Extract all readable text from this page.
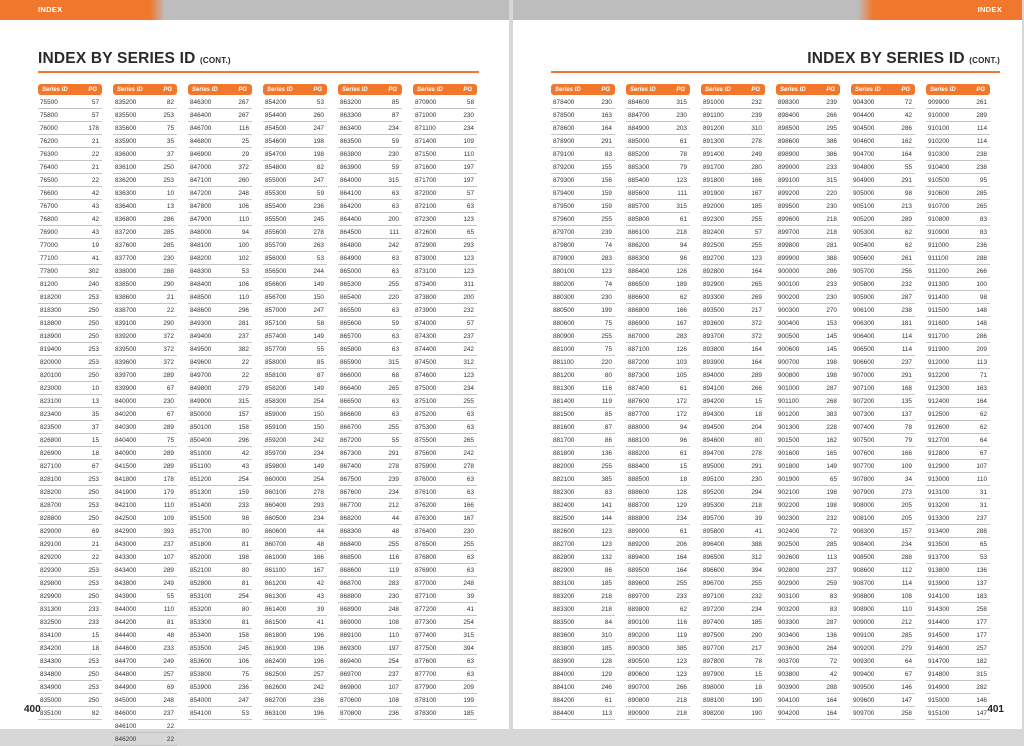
INDEX
INDEX BY SERIES ID (CONT.)
Series ID	PG
75500	57
75800	57
76000	178
76200	21
76300	22
76400	21
76500	22
76600	42
76700	43
76800	42
76900	43
77000	19
77100	41
77800	302
81200	240
818200	253
818300	250
818800	250
818900	250
819400	253
820000	253
820100	250
823000	10
823100	13
823400	35
823500	37
826800	15
826900	18
827100	67
828100	253
828200	250
828700	253
828800	250
829000	69
829100	21
829200	22
829300	253
829800	253
829900	250
831300	233
832500	233
834100	15
834200	18
834300	253
834800	250
834900	253
835000	250
835100	82
Series ID	PG
835200	82
835500	253
835600	75
835900	35
836000	37
836100	250
836200	253
836300	10
836400	13
836800	286
837200	285
837600	285
837700	230
838000	288
838500	290
838600	21
838700	22
839100	290
839200	372
839500	372
839600	372
839700	289
839900	67
840000	230
840200	67
840300	289
840400	75
840900	289
841500	289
841800	178
841900	179
842100	110
842500	109
842900	393
843000	237
843300	107
843400	289
843800	249
843900	55
844000	110
844200	81
844400	48
844600	233
844700	249
844800	257
844900	69
845000	248
846000	237
846100	22
846200	22
Series ID	PG
846300	267
846400	267
846700	116
846800	25
846900	29
847000	372
847100	260
847200	248
847800	106
847900	110
848000	94
848100	100
848200	102
848300	53
848400	106
848500	110
848600	296
849300	281
849400	237
849500	382
849600	22
849700	22
849800	279
849900	315
850000	157
850100	158
850400	296
851000	42
851100	43
851200	254
851300	159
851400	233
851500	98
851700	80
851800	81
852000	198
852100	80
852800	81
853100	254
853200	80
853300	81
853400	158
853500	245
853600	106
853800	75
853900	236
854000	247
854100	53
Series ID	PG
854200	53
854400	260
854500	247
854600	198
854700	198
854800	82
855000	247
855300	59
855400	236
855500	245
855600	278
855700	263
856000	53
856500	244
856600	149
856700	150
857000	247
857100	58
857400	149
857700	55
858000	85
858100	87
858200	149
858300	254
859000	150
859100	150
859200	242
859700	234
859800	149
860000	254
860100	278
860400	293
860500	234
860600	44
860700	48
861000	166
861100	167
861200	42
861300	43
861400	39
861500	41
861800	196
861900	196
862400	196
862500	257
862600	242
862700	236
863100	196
Series ID	PG
863200	85
863300	87
863400	234
863500	59
863800	230
863900	59
864000	315
864100	63
864200	63
864400	200
864500	111
864800	242
864900	63
865000	63
865300	255
865400	220
865500	63
865600	59
865700	63
865800	63
865900	315
866000	68
866400	265
866500	63
866600	63
866700	255
867200	55
867300	291
867400	278
867500	239
867600	234
867700	212
868200	44
868300	48
868400	255
868500	116
868600	119
868700	283
868800	230
868900	248
869000	108
869100	110
869300	197
869400	254
869700	237
869800	107
870600	108
870800	236
Series ID	PG
870900	58
871000	230
871100	234
871400	109
871500	110
871600	197
871700	197
872000	57
872100	63
872300	123
872600	65
872900	293
873000	123
873100	123
873400	311
873800	200
873900	232
874000	57
874300	237
874400	242
874500	312
874600	123
875000	234
875100	255
875200	63
875300	63
875500	265
875600	242
875900	278
876000	63
876100	63
876200	166
876300	167
876400	230
876500	255
876800	63
876900	63
877000	248
877100	39
877200	41
877300	254
877400	315
877500	394
877600	63
877700	63
877900	209
878100	199
878300	185
400
INDEX
INDEX BY SERIES ID (CONT.)
Series ID	PG
878400	230
878500	163
878600	164
878900	291
879100	83
879200	155
879300	156
879400	159
879500	159
879600	255
879700	239
879800	74
879900	283
880100	123
880200	74
880300	230
880500	199
880600	75
880900	255
881000	75
881100	220
881200	80
881300	116
881400	119
881500	85
881600	87
881700	86
881800	136
882000	255
882100	385
882300	83
882400	141
882500	144
882600	123
882700	123
882800	132
882900	86
883100	185
883200	218
883300	218
883500	84
883600	310
883800	185
883900	128
884000	129
884100	246
884200	61
884400	113
Series ID	PG
884600	315
884700	230
884900	203
885000	61
885200	78
885300	79
885400	123
885600	111
885700	315
885800	61
886100	218
886200	94
886300	96
886400	126
886500	189
886600	62
886800	166
886900	167
887000	283
887100	126
887200	103
887300	105
887400	61
887600	172
887700	172
888000	94
888100	96
888200	61
888400	15
888500	18
888600	128
888700	129
888800	234
889000	61
889200	206
889400	164
889500	164
889600	255
889700	233
889800	62
890100	116
890200	119
890300	385
890500	123
890600	123
890700	266
890800	218
890900	218
Series ID	PG
891000	232
891100	239
891200	310
891300	278
891400	249
891700	280
891800	166
891900	167
892000	185
892300	255
892400	57
892500	255
892700	123
892800	164
892900	265
893300	269
893500	217
893600	372
893700	372
893800	164
893900	164
894000	289
894100	266
894200	15
894300	18
894500	204
894600	80
894700	278
895000	291
895100	230
895200	294
895300	218
895700	39
895800	41
896400	388
896500	312
896600	394
896700	255
897100	232
897200	234
897400	185
897500	290
897700	217
897800	78
897900	15
898000	18
898100	190
898200	190
Series ID	PG
898300	239
898400	266
898500	295
898600	386
898900	386
899000	233
899100	315
899200	220
899500	230
899600	218
899700	218
899800	281
899900	388
900000	286
900100	233
900200	230
900300	270
900400	153
900500	145
900600	145
900700	198
900800	198
901000	287
901100	268
901200	383
901300	228
901500	162
901600	165
901800	149
901900	65
902100	198
902200	198
902300	232
902400	72
902500	285
902600	113
902800	237
902900	259
903100	83
903200	83
903300	287
903400	136
903600	264
903700	72
903800	42
903900	288
904100	164
904200	164
Series ID	PG
904300	72
904400	42
904500	286
904600	162
904700	164
904800	55
904900	291
905000	98
905100	213
905200	289
905300	62
905400	62
905600	261
905700	256
905800	232
905900	287
906100	238
906300	181
906400	114
906500	114
906600	237
907000	291
907100	168
907200	135
907300	137
907400	78
907500	79
907600	166
907700	109
907800	34
907900	273
908000	205
908100	205
908300	157
908400	234
908500	288
908600	112
908700	114
908800	108
908900	110
909000	212
909100	285
909200	279
909300	64
909400	67
909500	146
909600	147
909700	258
Series ID	PG
909900	261
910000	289
910100	114
910200	114
910300	238
910400	238
910500	95
910600	285
910700	265
910800	83
910900	83
911000	236
911100	288
911200	266
911300	100
911400	98
911500	148
911600	148
911700	286
911900	209
912000	113
912200	71
912300	163
912400	164
912500	62
912600	62
912700	64
912800	67
912900	107
913000	110
913100	31
913200	31
913300	237
913400	288
913500	65
913700	53
913800	136
913900	137
914100	183
914300	258
914400	177
914500	177
914600	257
914700	182
914800	315
914900	282
915000	146
915100	147 401
